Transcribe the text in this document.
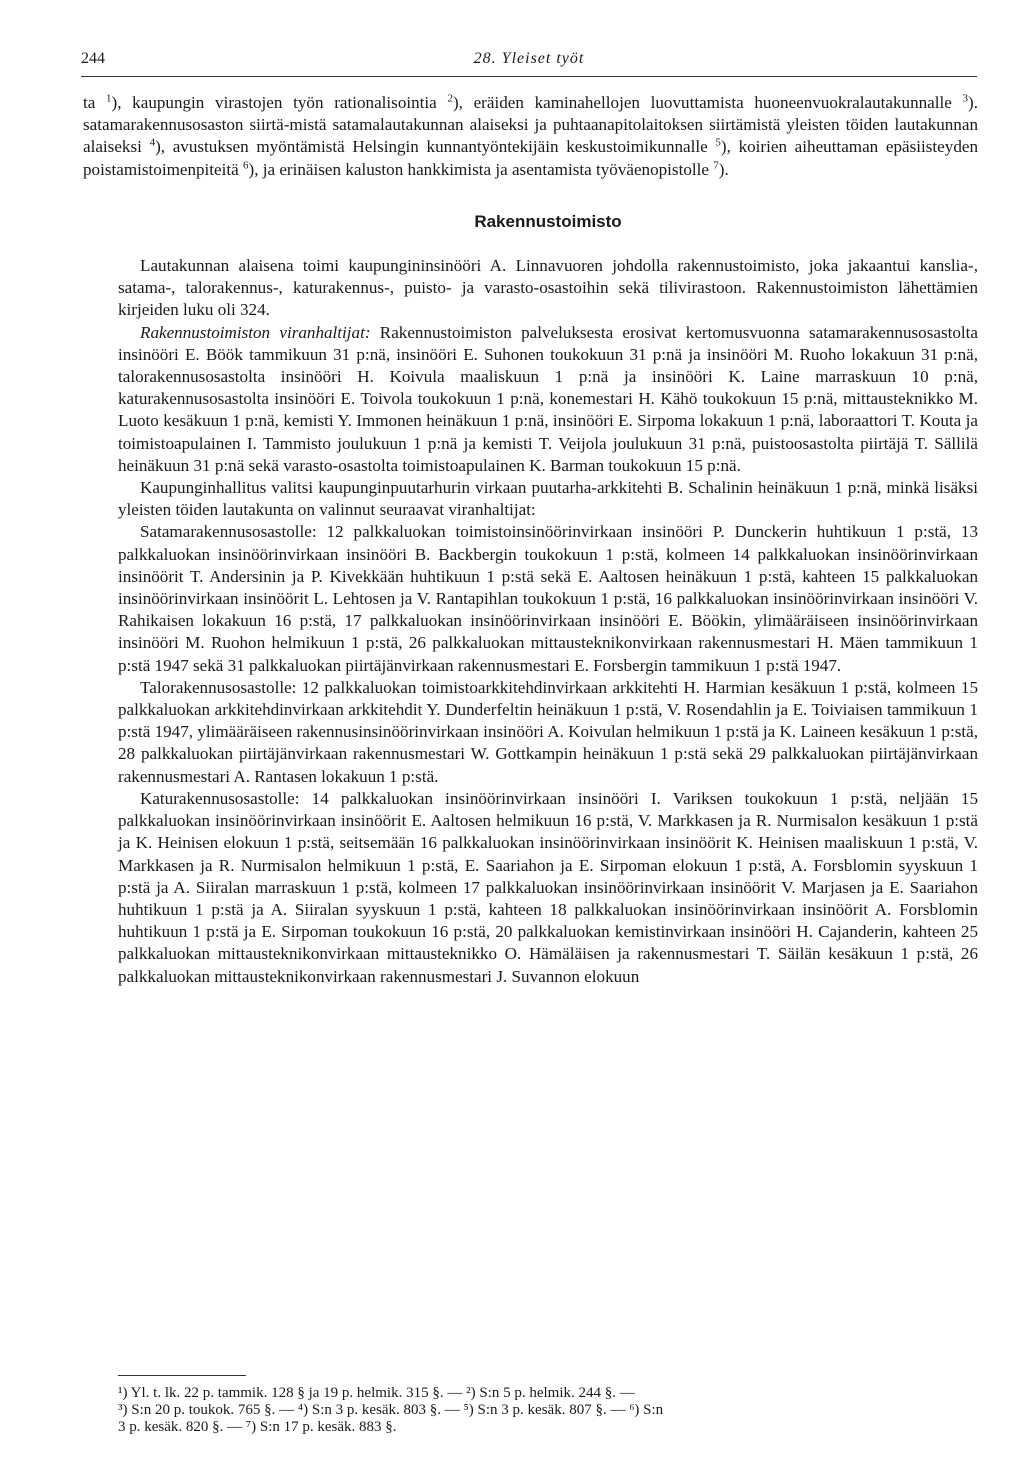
244	28. Yleiset työt

ta $^1$), kaupungin virastojen työn rationalisointia $^2$), eräiden kaminahellojen luovuttamista huoneenvuokralautakunnalle $^3$). satamarakennusosaston siirtä-mistä satamalautakunnan alaiseksi ja puhtaanapitolaitoksen siirtämistä yleisten töiden lautakunnan alaiseksi $^4$), avustuksen myöntämistä Helsingin kunnantyöntekijäin keskustoimikunnalle $^5$), koirien aiheuttaman epäsiisteyden poistamistoimenpiteitä $^6$), ja erinäisen kaluston hankkimista ja asentamista työväenopistolle $^7$).

Rakennustoimisto

Lautakunnan alaisena toimi kaupungininsinööri A. Linnavuoren johdolla rakennustoimisto, joka jakaantui kanslia-, satama-, talorakennus-, katurakennus-, puisto- ja varasto-osastoihin sekä tilivirastoon. Rakennustoimiston lähettämien kirjeiden luku oli 324.

Rakennustoimiston viranhaltijat: Rakennustoimiston palveluksesta erosivat kertomusvuonna satamarakennusosastolta insinööri E. Böök tammikuun 31 p:nä, insinööri E. Suhonen toukokuun 31 p:nä ja insinööri M. Ruoho lokakuun 31 p:nä, talorakennusosastolta insinööri H. Koivula maaliskuun 1 p:nä ja insinööri K. Laine marraskuun 10 p:nä, katurakennusosastolta insinööri E. Toivola toukokuun 1 p:nä, konemestari H. Kähö toukokuun 15 p:nä, mittausteknikko M. Luoto kesäkuun 1 p:nä, kemisti Y. Immonen heinäkuun 1 p:nä, insinööri E. Sirpoma lokakuun 1 p:nä, laboraattori T. Kouta ja toimistoapulainen I. Tammisto joulukuun 1 p:nä ja kemisti T. Veijola joulukuun 31 p:nä, puistoosastolta piirtäjä T. Sällilä heinäkuun 31 p:nä sekä varasto-osastolta toimistoapulainen K. Barman toukokuun 15 p:nä.

Kaupunginhallitus valitsi kaupunginpuutarhurin virkaan puutarha-arkkitehti B. Schalinin heinäkuun 1 p:nä, minkä lisäksi yleisten töiden lautakunta on valinnut seuraavat viranhaltijat:

Satamarakennusosastolle: 12 palkkaluokan toimistoinsinöörinvirkaan insinööri P. Dunckerin huhtikuun 1 p:stä, 13 palkkaluokan insinöörinvirkaan insinööri B. Backbergin toukokuun 1 p:stä, kolmeen 14 palkkaluokan insinöörinvirkaan insinöörit T. Andersinin ja P. Kivekkään huhtikuun 1 p:stä sekä E. Aaltosen heinäkuun 1 p:stä, kahteen 15 palkkaluokan insinöörinvirkaan insinöörit L. Lehtosen ja V. Rantapihlan toukokuun 1 p:stä, 16 palkkaluokan insinöörinvirkaan insinööri V. Rahikaisen lokakuun 16 p:stä, 17 palkkaluokan insinöörinvirkaan insinööri E. Böökin, ylimääräiseen insinöörinvirkaan insinööri M. Ruohon helmikuun 1 p:stä, 26 palkkaluokan mittausteknikonvirkaan rakennusmestari H. Mäen tammikuun 1 p:stä 1947 sekä 31 palkkaluokan piirtäjänvirkaan rakennusmestari E. Forsbergin tammikuun 1 p:stä 1947.

Talorakennusosastolle: 12 palkkaluokan toimistoarkkitehdinvirkaan arkkitehti H. Harmian kesäkuun 1 p:stä, kolmeen 15 palkkaluokan arkkitehdinvirkaan arkkitehdit Y. Dunderfeltin heinäkuun 1 p:stä, V. Rosendahlin ja E. Toiviaisen tammikuun 1 p:stä 1947, ylimääräiseen rakennusinsinöörinvirkaan insinööri A. Koivulan helmikuun 1 p:stä ja K. Laineen kesäkuun 1 p:stä, 28 palkkaluokan piirtäjänvirkaan rakennusmestari W. Gottkampin heinäkuun 1 p:stä sekä 29 palkkaluokan piirtäjänvirkaan rakennusmestari A. Rantasen lokakuun 1 p:stä.

Katurakennusosastolle: 14 palkkaluokan insinöörinvirkaan insinööri I. Variksen toukokuun 1 p:stä, neljään 15 palkkaluokan insinöörinvirkaan insinöörit E. Aaltosen helmikuun 16 p:stä, V. Markkasen ja R. Nurmisalon kesäkuun 1 p:stä ja K. Heinisen elokuun 1 p:stä, seitsemään 16 palkkaluokan insinöörinvirkaan insinöörit K. Heinisen maaliskuun 1 p:stä, V. Markkasen ja R. Nurmisalon helmikuun 1 p:stä, E. Saariahon ja E. Sirpoman elokuun 1 p:stä, A. Forsblomin syyskuun 1 p:stä ja A. Siiralan marraskuun 1 p:stä, kolmeen 17 palkkaluokan insinöörinvirkaan insinöörit V. Marjasen ja E. Saariahon huhtikuun 1 p:stä ja A. Siiralan syyskuun 1 p:stä, kahteen 18 palkkaluokan insinöörinvirkaan insinöörit A. Forsblomin huhtikuun 1 p:stä ja E. Sirpoman toukokuun 16 p:stä, 20 palkkaluokan kemistinvirkaan insinööri H. Cajanderin, kahteen 25 palkkaluokan mittausteknikonvirkaan mittausteknikko O. Hämäläisen ja rakennusmestari T. Säilän kesäkuun 1 p:stä, 26 palkkaluokan mittausteknikonvirkaan rakennusmestari J. Suvannon elokuun

¹) Yl. t. lk. 22 p. tammik. 128 § ja 19 p. helmik. 315 §. — ²) S:n 5 p. helmik. 244 §. —
³) S:n 20 p. toukok. 765 §. — ⁴) S:n 3 p. kesäk. 803 §. — ⁵) S:n 3 p. kesäk. 807 §. — ⁶) S:n
3 p. kesäk. 820 §. — ⁷) S:n 17 p. kesäk. 883 §.
